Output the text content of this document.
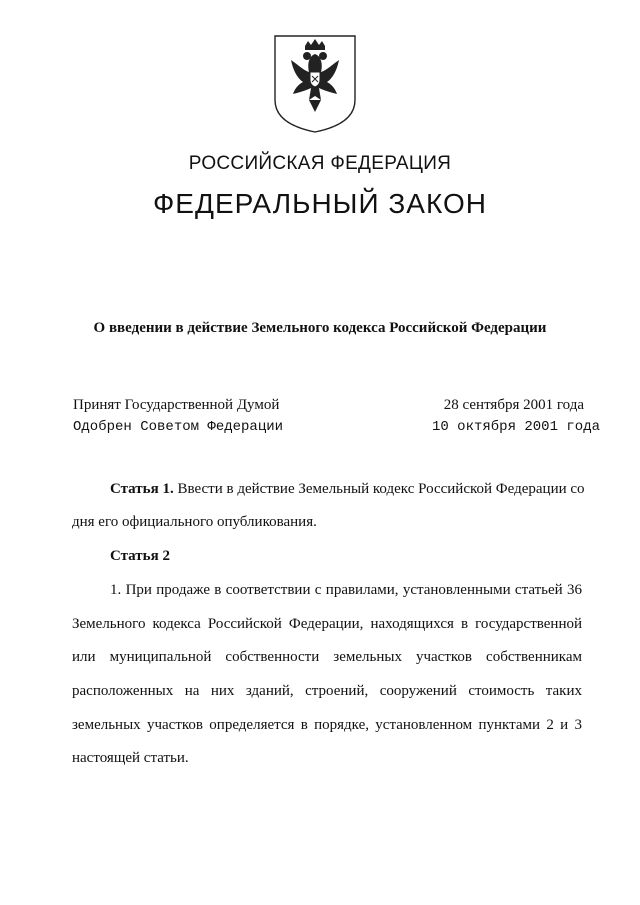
РОССИЙСКАЯ ФЕДЕРАЦИЯ
ФЕДЕРАЛЬНЫЙ ЗАКОН
О введении в действие Земельного кодекса Российской Федерации
Принят Государственной Думой	28 сентября 2001 года
Одобрен Советом Федерации	10 октября 2001 года
Статья 1. Ввести в действие Земельный кодекс Российской Федерации со
дня его официального опубликования.
Статья 2
1. При продаже в соответствии с правилами, установленными статьей 36
Земельного кодекса Российской Федерации, находящихся в государственной
или муниципальной собственности земельных участков собственникам
расположенных на них зданий, строений, сооружений стоимость таких
земельных участков определяется в порядке, установленном пунктами 2 и 3
настоящей статьи.
